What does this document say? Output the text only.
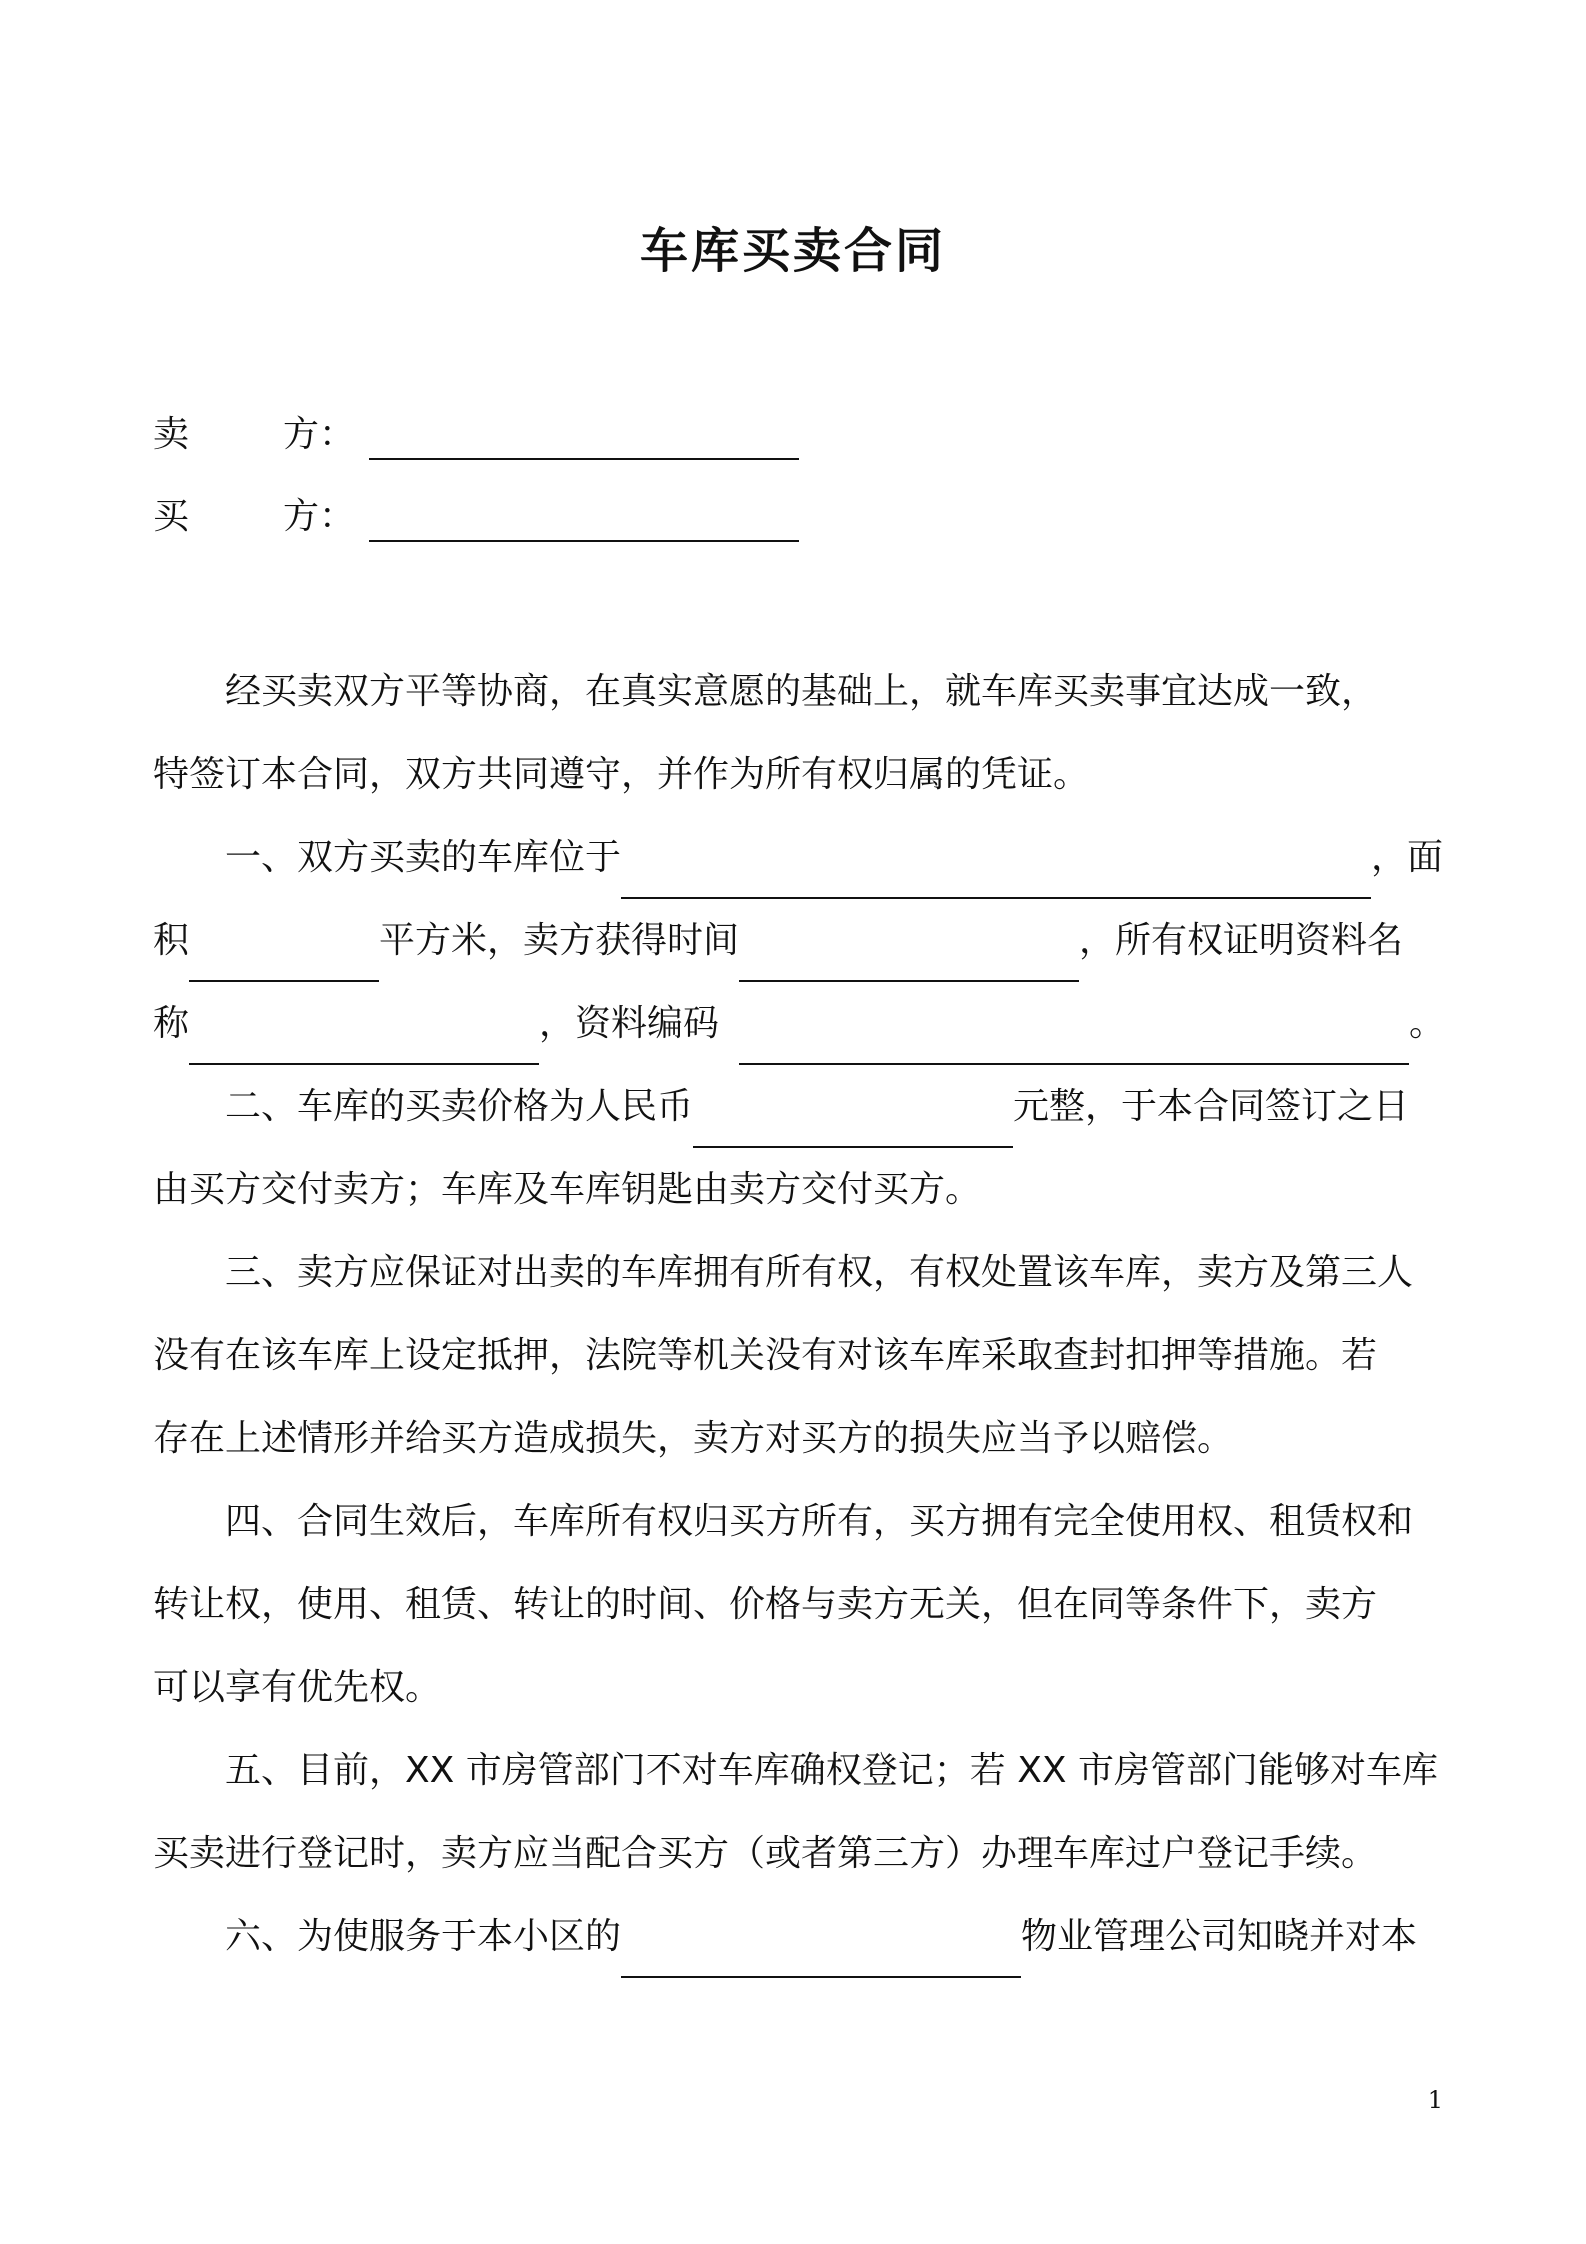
车库买卖合同
卖	方：
买	方：

经买卖双方平等协商，在真实意愿的基础上，就车库买卖事宜达成一致，

特签订本合同，双方共同遵守，并作为所有权归属的凭证。

一、双方买卖的车库位于	，面

积	平方米，卖方获得时间	，所有权证明资料名

称	，资料编码	。

二、车库的买卖价格为人民币	元整，于本合同签订之日

由买方交付卖方；车库及车库钥匙由卖方交付买方。

三、卖方应保证对出卖的车库拥有所有权，有权处置该车库，卖方及第三人

没有在该车库上设定抵押，法院等机关没有对该车库采取查封扣押等措施。若

存在上述情形并给买方造成损失，卖方对买方的损失应当予以赔偿。

四、合同生效后，车库所有权归买方所有，买方拥有完全使用权、租赁权和

转让权，使用、租赁、转让的时间、价格与卖方无关，但在同等条件下，卖方

可以享有优先权。

五、目前，XX 市房管部门不对车库确权登记；若 XX 市房管部门能够对车库

买卖进行登记时，卖方应当配合买方（或者第三方）办理车库过户登记手续。

六、为使服务于本小区的	物业管理公司知晓并对本

1
